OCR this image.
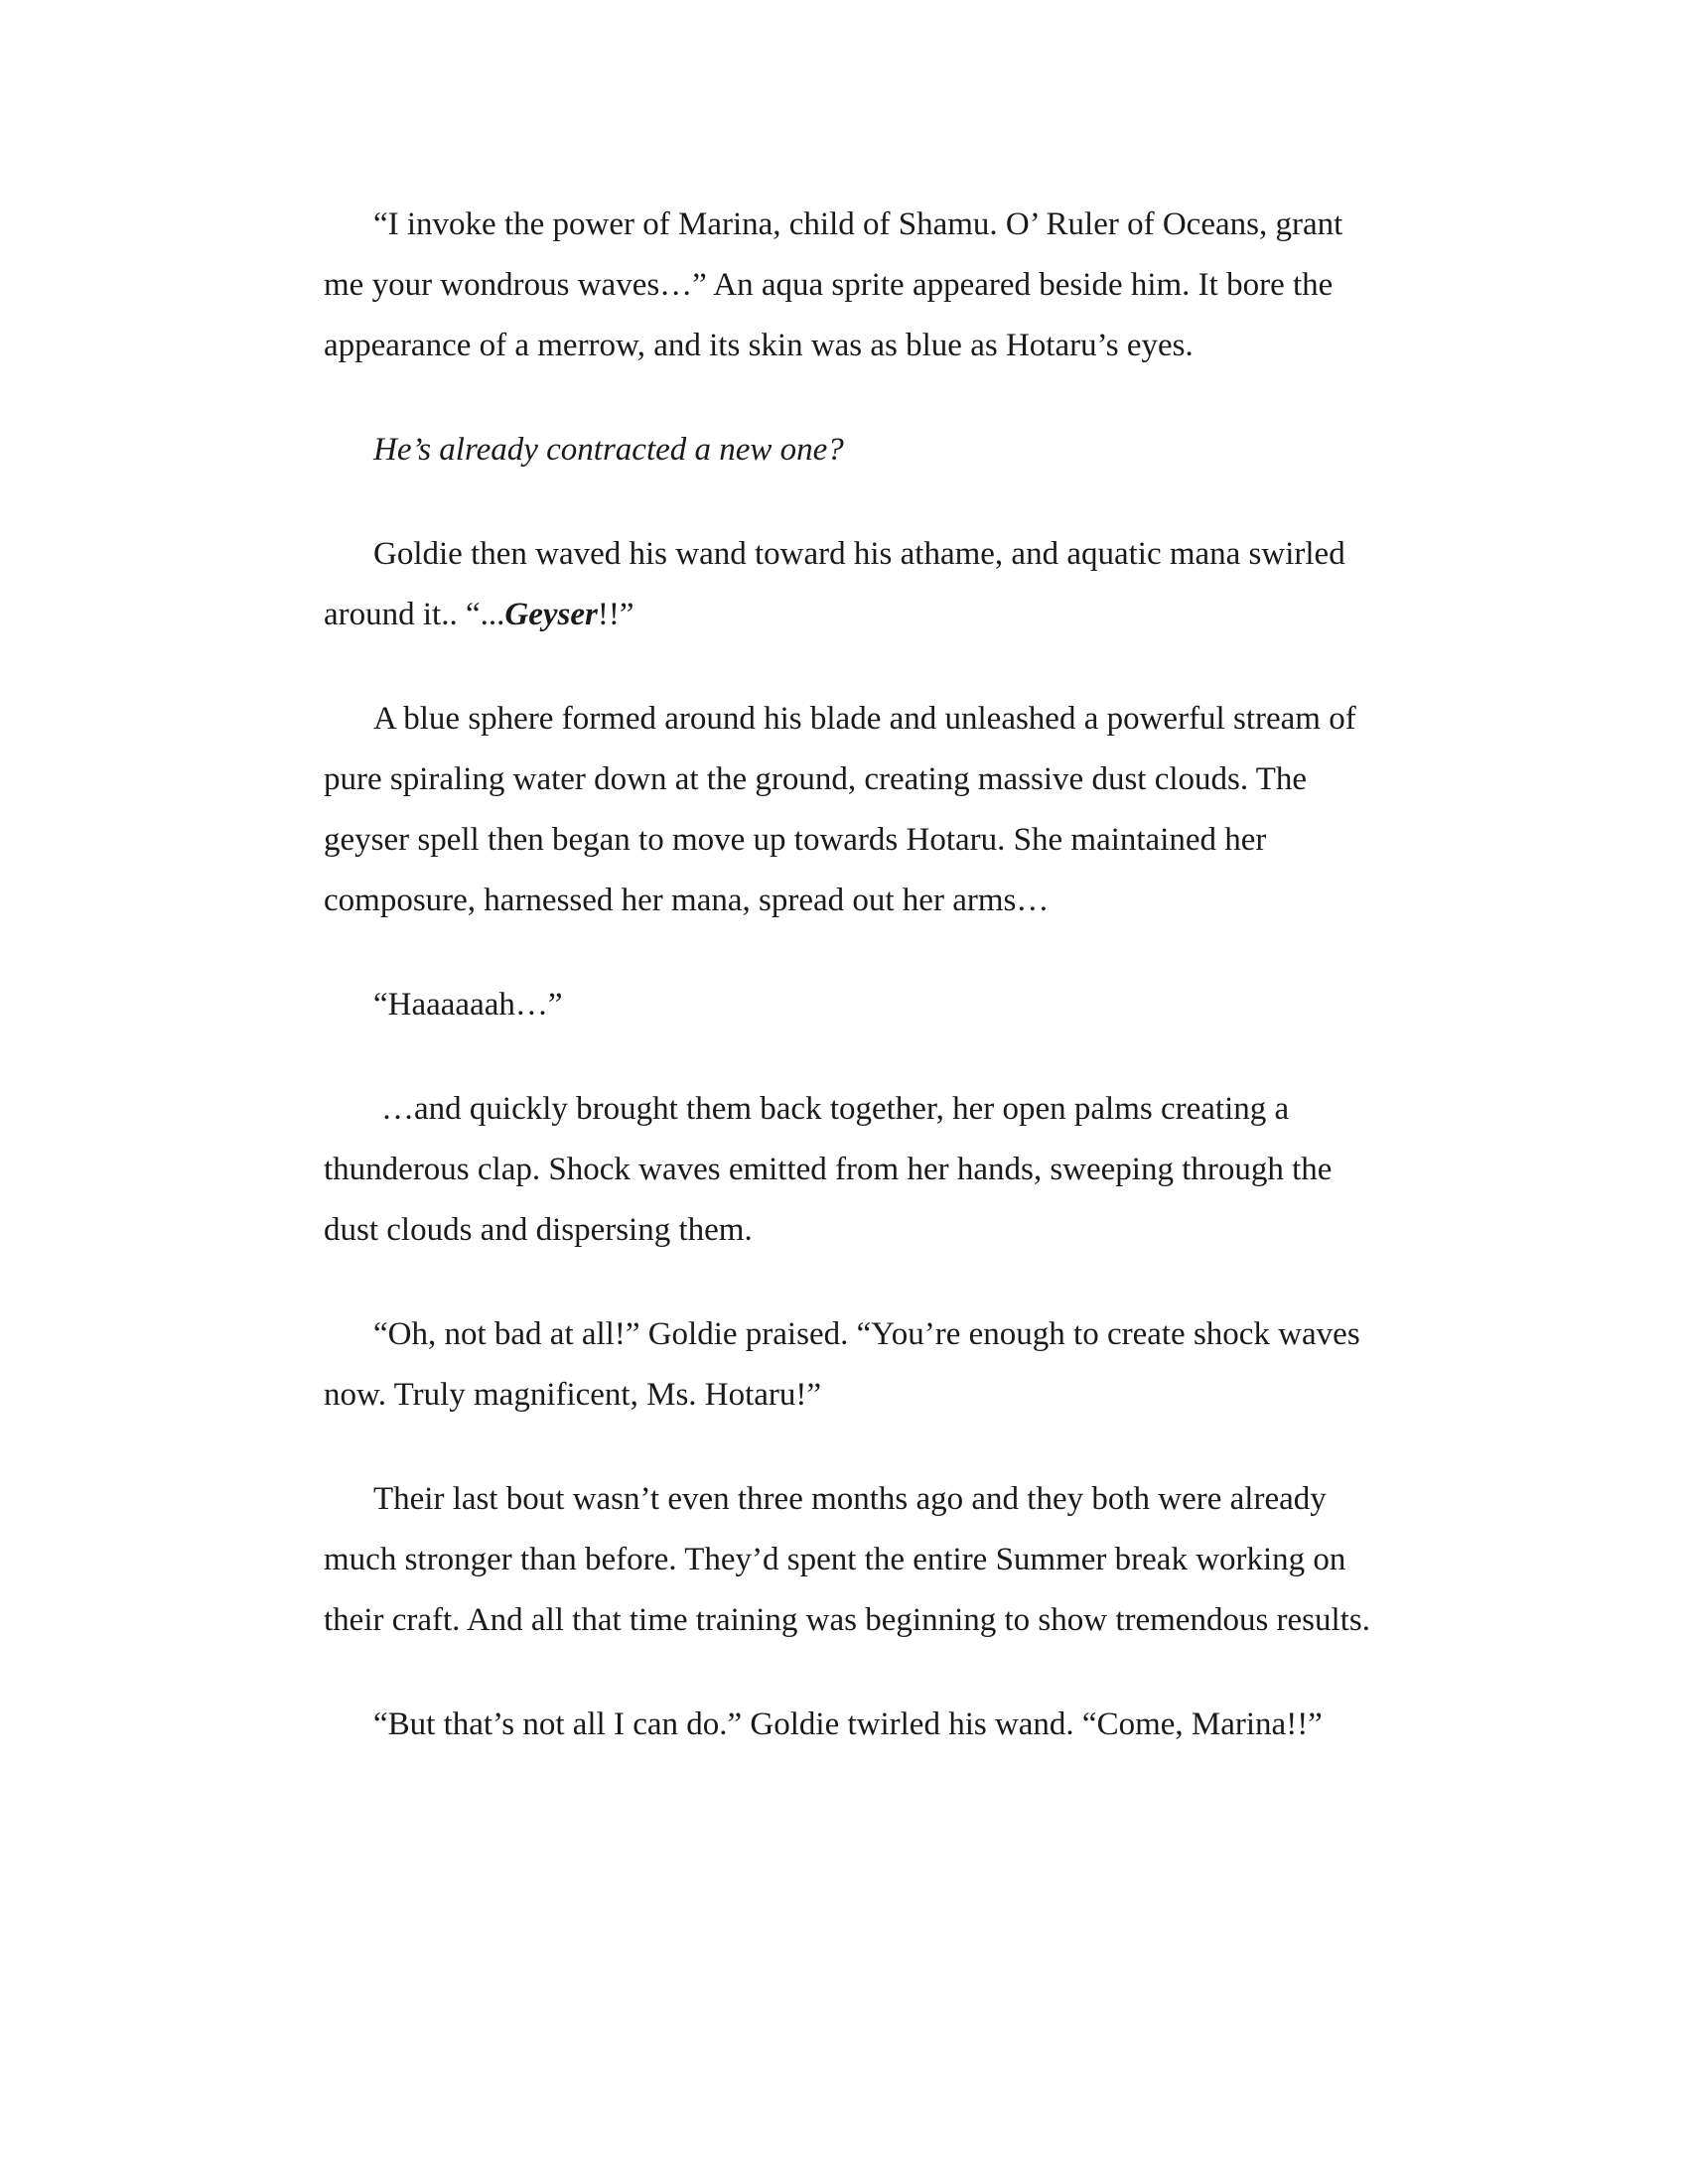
“I invoke the power of Marina, child of Shamu. O’ Ruler of Oceans, grant me your wondrous waves…” An aqua sprite appeared beside him. It bore the appearance of a merrow, and its skin was as blue as Hotaru’s eyes.

He’s already contracted a new one?

Goldie then waved his wand toward his athame, and aquatic mana swirled around it.. “...Geyser!!”

A blue sphere formed around his blade and unleashed a powerful stream of pure spiraling water down at the ground, creating massive dust clouds. The geyser spell then began to move up towards Hotaru. She maintained her composure, harnessed her mana, spread out her arms…

“Haaaaaah…”

…and quickly brought them back together, her open palms creating a thunderous clap. Shock waves emitted from her hands, sweeping through the dust clouds and dispersing them.

“Oh, not bad at all!” Goldie praised. “You’re enough to create shock waves now. Truly magnificent, Ms. Hotaru!”

Their last bout wasn’t even three months ago and they both were already much stronger than before. They’d spent the entire Summer break working on their craft. And all that time training was beginning to show tremendous results.

“But that’s not all I can do.” Goldie twirled his wand. “Come, Marina!!”
